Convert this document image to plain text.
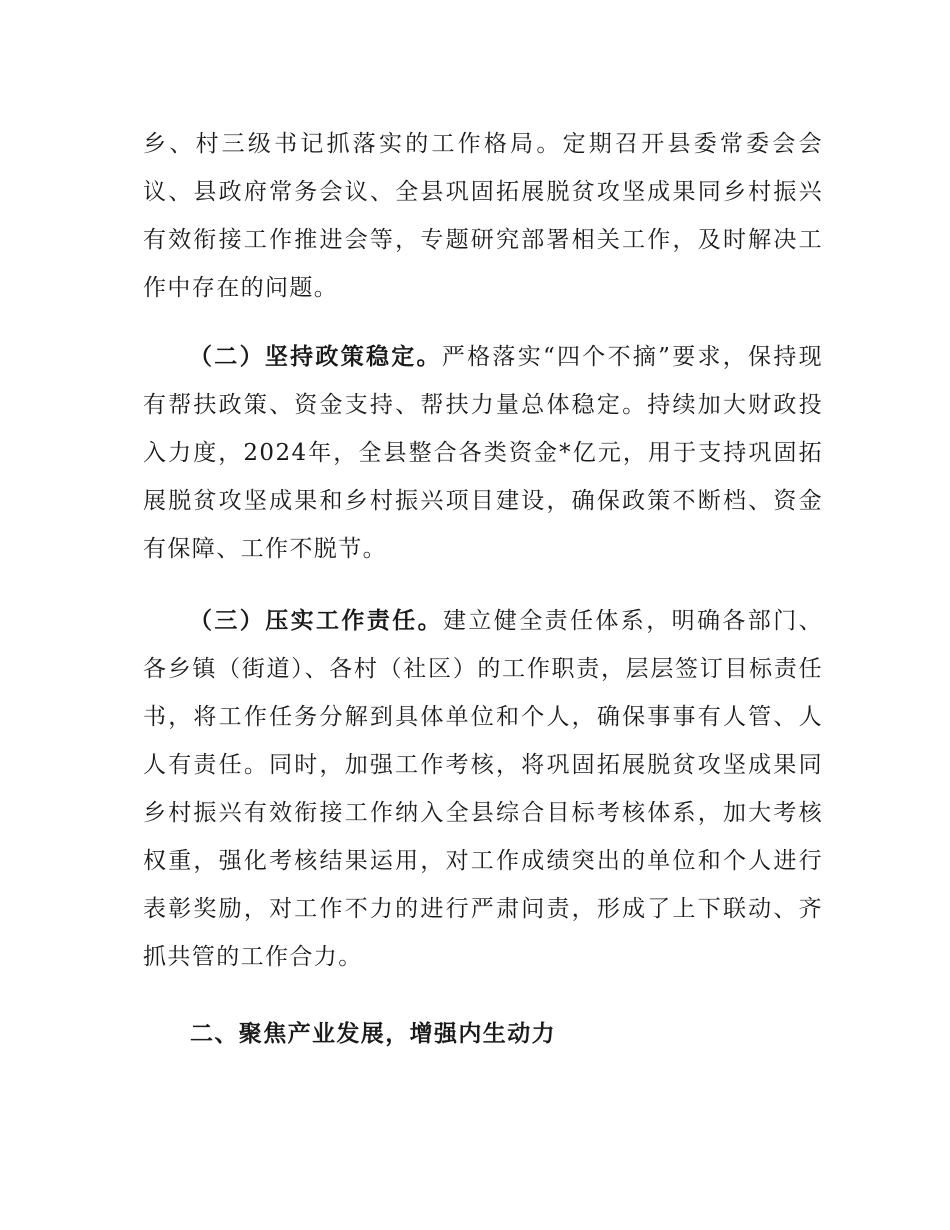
乡、村三级书记抓落实的工作格局。定期召开县委常委会会议、县政府常务会议、全县巩固拓展脱贫攻坚成果同乡村振兴有效衔接工作推进会等，专题研究部署相关工作，及时解决工作中存在的问题。

（二）坚持政策稳定。严格落实“四个不摘”要求，保持现有帮扶政策、资金支持、帮扶力量总体稳定。持续加大财政投入力度，2024年，全县整合各类资金*亿元，用于支持巩固拓展脱贫攻坚成果和乡村振兴项目建设，确保政策不断档、资金有保障、工作不脱节。

（三）压实工作责任。建立健全责任体系，明确各部门、各乡镇（街道）、各村（社区）的工作职责，层层签订目标责任书，将工作任务分解到具体单位和个人，确保事事有人管、人人有责任。同时，加强工作考核，将巩固拓展脱贫攻坚成果同乡村振兴有效衔接工作纳入全县综合目标考核体系，加大考核权重，强化考核结果运用，对工作成绩突出的单位和个人进行表彰奖励，对工作不力的进行严肃问责，形成了上下联动、齐抓共管的工作合力。

二、聚焦产业发展，增强内生动力
